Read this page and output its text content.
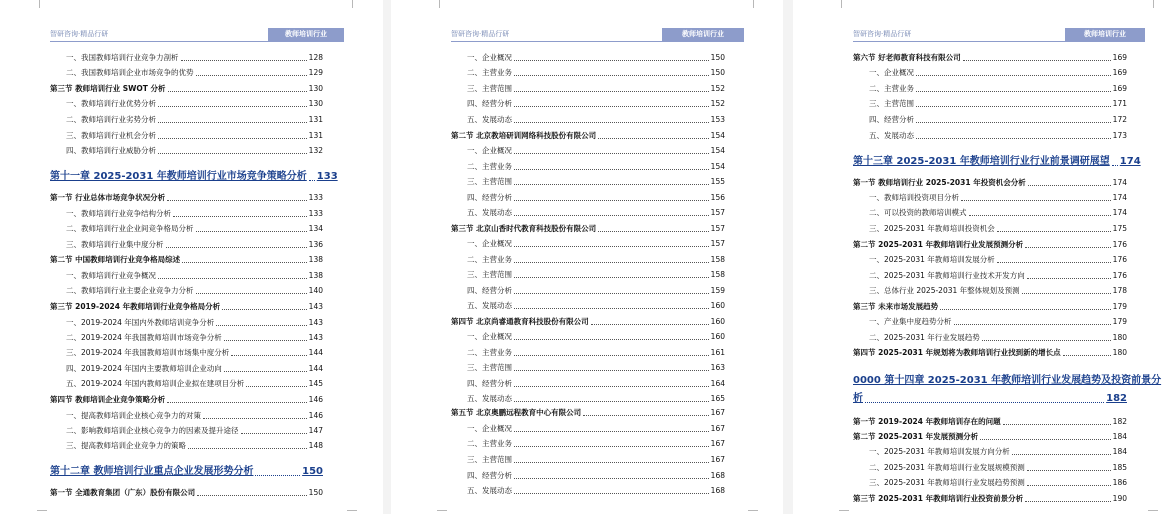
智研咨询·精品行研	教师培训行业
一、我国教师培训行业竞争力剖析	128
二、我国教师培训企业市场竞争的优势	129
第三节 教师培训行业 SWOT 分析	130
一、教师培训行业优势分析	130
二、教师培训行业劣势分析	131
三、教师培训行业机会分析	131
四、教师培训行业威胁分析	132
第十一章 2025-2031 年教师培训行业市场竞争策略分析 133
第一节 行业总体市场竞争状况分析	133
一、教师培训行业竞争结构分析	133
二、教师培训行业企业间竞争格局分析	134
三、教师培训行业集中度分析	136
第二节 中国教师培训行业竞争格局综述	138
一、教师培训行业竞争概况	138
二、教师培训行业主要企业竞争力分析	140
第三节 2019-2024 年教师培训行业竞争格局分析	143
一、2019-2024 年国内外教师培训竞争分析	143
二、2019-2024 年我国教师培训市场竞争分析	143
三、2019-2024 年我国教师培训市场集中度分析	144
四、2019-2024 年国内主要教师培训企业动向	144
五、2019-2024 年国内教师培训企业拟在建项目分析	145
第四节 教师培训企业竞争策略分析	146
一、提高教师培训企业核心竞争力的对策	146
二、影响教师培训企业核心竞争力的因素及提升途径	147
三、提高教师培训企业竞争力的策略	148
第十二章 教师培训行业重点企业发展形势分析	150
第一节 全通教育集团（广东）股份有限公司	150
智研咨询·精品行研	教师培训行业
一、企业概况	150
二、主营业务	150
三、主营范围	152
四、经营分析	152
五、发展动态	153
第二节 北京教培研训网络科技股份有限公司	154
一、企业概况	154
二、主营业务	154
三、主营范围	155
四、经营分析	156
五、发展动态	157
第三节 北京山香时代教育科技股份有限公司	157
一、企业概况	157
二、主营业务	158
三、主营范围	158
四、经营分析	159
五、发展动态	160
第四节 北京尚睿通教育科技股份有限公司	160
一、企业概况	160
二、主营业务	161
三、主营范围	163
四、经营分析	164
五、发展动态	165
第五节 北京奥鹏远程教育中心有限公司	167
一、企业概况	167
二、主营业务	167
三、主营范围	167
四、经营分析	168
五、发展动态	168
智研咨询·精品行研	教师培训行业
第六节 好老师教育科技有限公司	169
一、企业概况	169
二、主营业务	169
三、主营范围	171
四、经营分析	172
五、发展动态	173
第十三章 2025-2031 年教师培训行业行业前景调研展望 174
第一节 教师培训行业 2025-2031 年投资机会分析	174
一、教师培训投资项目分析	174
二、可以投资的教师培训模式	174
三、2025-2031 年教师培训投资机会	175
第二节 2025-2031 年教师培训行业发展预测分析	176
一、2025-2031 年教师培训发展分析	176
二、2025-2031 年教师培训行业技术开发方向	176
三、总体行业 2025-2031 年整体规划及预测	178
第三节 未来市场发展趋势	179
一、产业集中度趋势分析	179
二、2025-2031 年行业发展趋势	180
第四节 2025-2031 年规划将为教师培训行业找到新的增长点	180
0000 第十四章 2025-2031 年教师培训行业发展趋势及投资前景分
析	182
第一节 2019-2024 年教师培训存在的问题	182
第二节 2025-2031 年发展预测分析	184
一、2025-2031 年教师培训发展方向分析	184
二、2025-2031 年教师培训行业发展规模预测	185
三、2025-2031 年教师培训行业发展趋势预测	186
第三节 2025-2031 年教师培训行业投资前景分析	190
